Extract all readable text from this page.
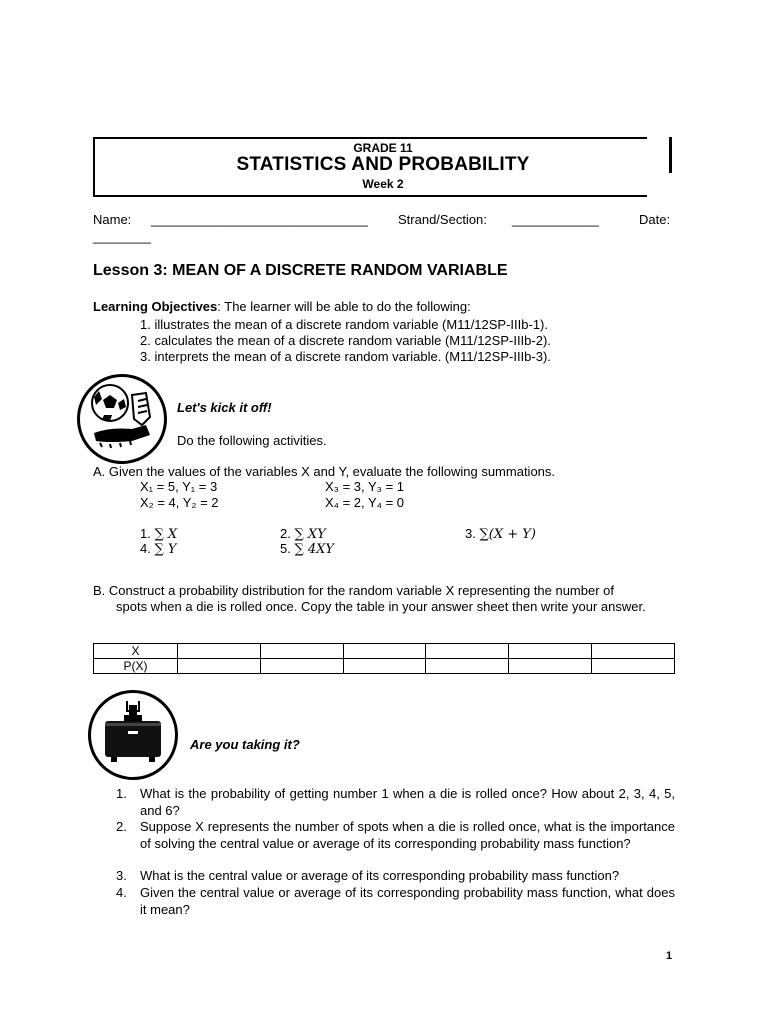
GRADE 11
STATISTICS AND PROBABILITY
Week 2
Name: ______________________________ Strand/Section: ____________	Date:
________
Lesson 3: MEAN OF A DISCRETE RANDOM VARIABLE
Learning Objectives: The learner will be able to do the following:
1. illustrates the mean of a discrete random variable (M11/12SP-IIIb-1).
2. calculates the mean of a discrete random variable (M11/12SP-IIIb-2).
3. interprets the mean of a discrete random variable. (M11/12SP-IIIb-3).
Let's kick it off!
Do the following activities.
A. Given the values of the variables X and Y, evaluate the following summations.
X₁ = 5, Y₁ = 3	X₃ = 3, Y₃ = 1
X₂ = 4, Y₂ = 2	X₄ = 2, Y₄ = 0
1. ∑ X	2. ∑ XY	3. ∑(X + Y)
4. ∑ Y	5. ∑ 4XY
B. Construct a probability distribution for the random variable X representing the number of
spots when a die is rolled once. Copy the table in your answer sheet then write your answer.
X						
P(X)						
Are you taking it?
1. What is the probability of getting number 1 when a die is rolled once? How about 2, 3, 4, 5, and 6?
2. Suppose X represents the number of spots when a die is rolled once, what is the importance of solving the central value or average of its corresponding probability mass function?
3. What is the central value or average of its corresponding probability mass function?
4. Given the central value or average of its corresponding probability mass function, what does it mean?
1
